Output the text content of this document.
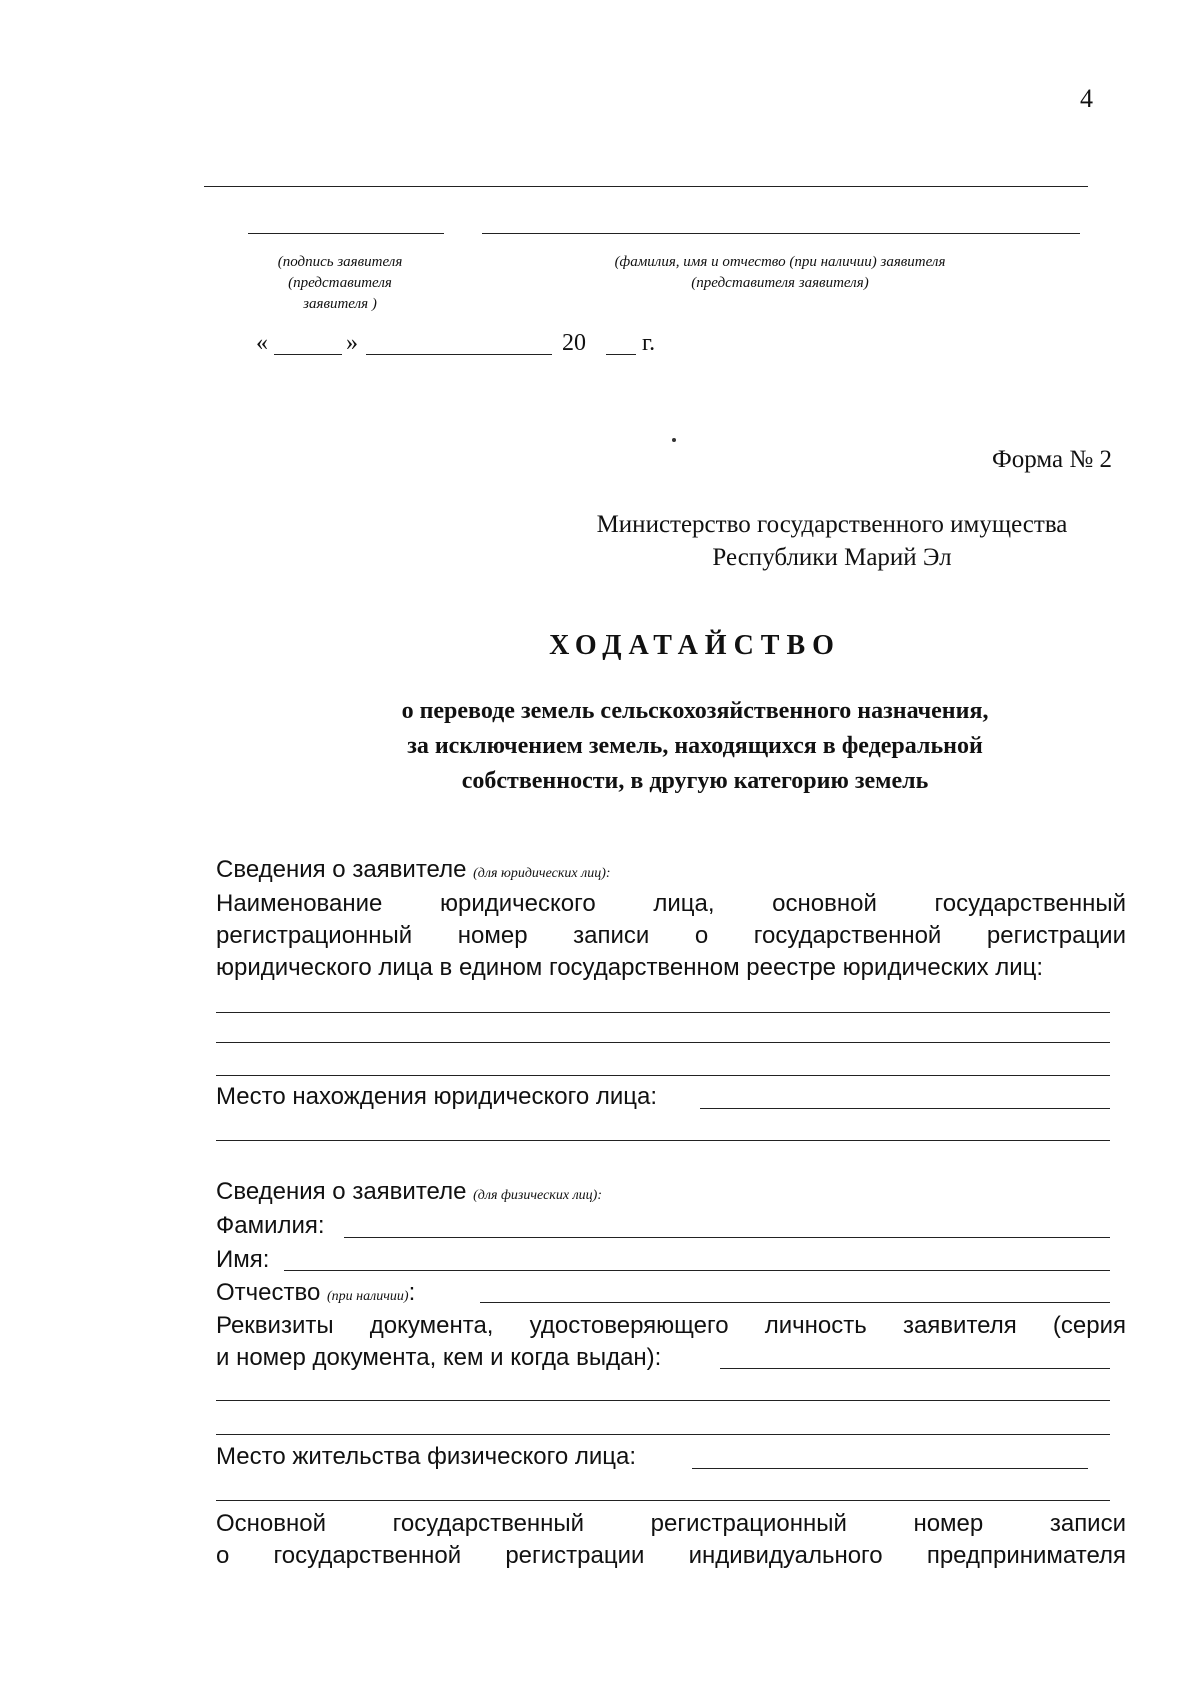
4
(подпись заявителя
(представителя
заявителя )
(фамилия, имя и отчество (при наличии) заявителя
(представителя заявителя)
«	»	20 г.
Форма № 2
Министерство государственного имущества
Республики Марий Эл
ХОДАТАЙСТВО
о переводе земель сельскохозяйственного назначения,
за исключением земель, находящихся в федеральной
собственности, в другую категорию земель
Сведения о заявителе (для юридических лиц):
Наименование юридического лица, основной государственный
регистрационный номер записи о государственной регистрации
юридического лица в едином государственном реестре юридических лиц:
Место нахождения юридического лица:
Сведения о заявителе (для физических лиц):
Фамилия:
Имя:
Отчество (при наличии):
Реквизиты документа, удостоверяющего личность заявителя (серия
и номер документа, кем и когда выдан):
Место жительства физического лица:
Основной государственный регистрационный номер записи
о государственной регистрации индивидуального предпринимателя
